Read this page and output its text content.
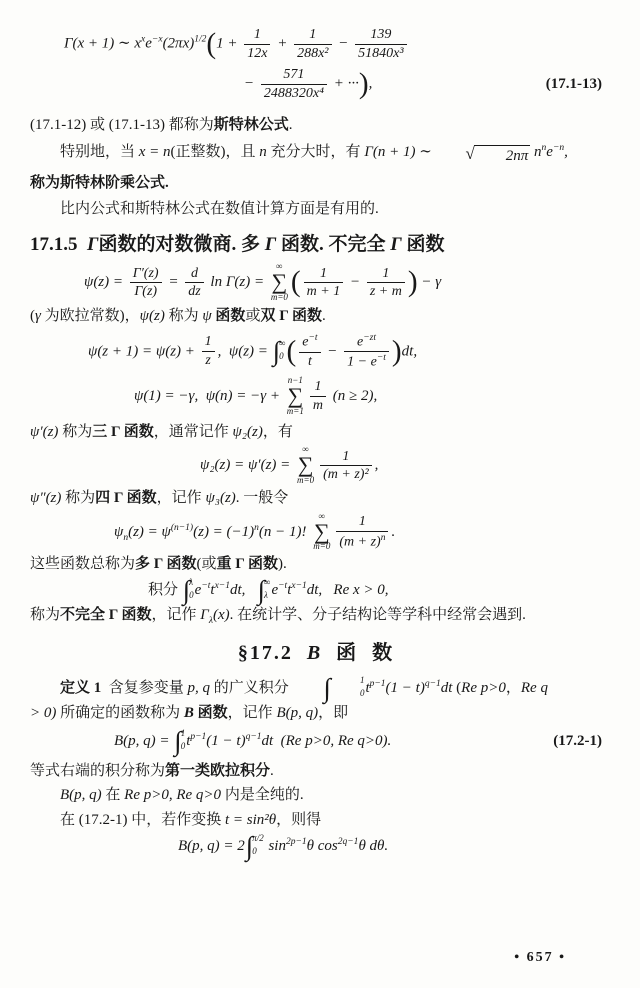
Γ(x + 1) ∼ $x^xe^{-x}(2\pi x)^{1/2}(1 + \frac{1}{12x} + \frac{1}{\text{288x²}} - \frac{139}{\text{51840x³}}$
− $\frac{571}{\text{2488320x⁴}}$ + ···),	(17.1-13)
(17.1-12) 或 (17.1-13) 都称为斯特林公式.
特别地，当 x = n(正整数)，且 n 充分大时，有 Γ(n + 1) ∼	√	2nπ $n^ne^{-n}$,
称为斯特林阶乘公式.
比内公式和斯特林公式在数值计算方面是有用的.
17.1.5  Γ函数的对数微商. 多 Γ 函数. 不完全 Γ 函数
$\psi(z) = \frac{\Gamma'(z)}{\Gamma(z)} = \frac{d}{dz}$ ln Γ(z) =
∞
∑
m=0 ( $\frac{1}{m + 1} - \frac{1}{z + m}$ ) − γ
(γ 为欧拉常数)，ψ(z) 称为 ψ 函数或双 Γ 函数.
$\psi(z + 1) = \psi(z) + \frac{1}{z}$ ,  ψ(z) = ∫ ∞
0 ( $\frac{e^{-t}}{t} - \frac{e^{-zt}}{1 - e^{-t}} )dt$,
ψ(1) = −γ,  ψ(n) = −γ +
n−1
∑
$m=1 \frac{1}{m} (n \ge 2)$,
ψ′(z) 称为三 Γ 函数，通常记作 ψ₂(z)，有
ψ₂(z) = ψ′(z) =
∞
∑
$m=0 \frac{1}{\text{(m + z)²}}$ ,
ψ″(z) 称为四 Γ 函数，记作 ψ₃(z). 一般令
$\psi_n(z) = \psi^{(n-1)}(z) = (-1)^n(n - 1)$!
∞
∑
$m=0 \frac{1}{(m + z)^n}$ .
这些函数总称为多 Γ 函数(或重 Γ 函数).
积分 ∫ λ
0 $e^{-t}t^{x-1}dt$, ∫ ∞
λ $e^{-t}t^{x-1}dt$,   Re x > 0,
称为不完全 Γ 函数，记作 $\Gamma_\lambda(x)$. 在统计学、分子结构论等学科中经常会遇到.
§17.2  B  函  数
定义 1  含复参变量 p, q 的广义积分	∫	1
0 $t^{p-1}(1 - t)^{q-1}dt$ (Re p>0，Re q
> 0) 所确定的函数称为 B 函数，记作 B(p, q)，即
B(p, q) = ∫ 1
0 $t^{p-1}(1 - t)^{q-1}dt$  (Re p>0, Re q>0).	(17.2-1)
等式右端的积分称为第一类欧拉积分.
B(p, q) 在 Re p>0, Re q>0 内是全纯的.
在 (17.2-1) 中，若作变换 t = sin²θ，则得
B(p, q) = 2 ∫ π/2
0 $\sin^{2p-1}\theta$ $\cos^{2q-1}\theta$ dθ.
• 657 •
